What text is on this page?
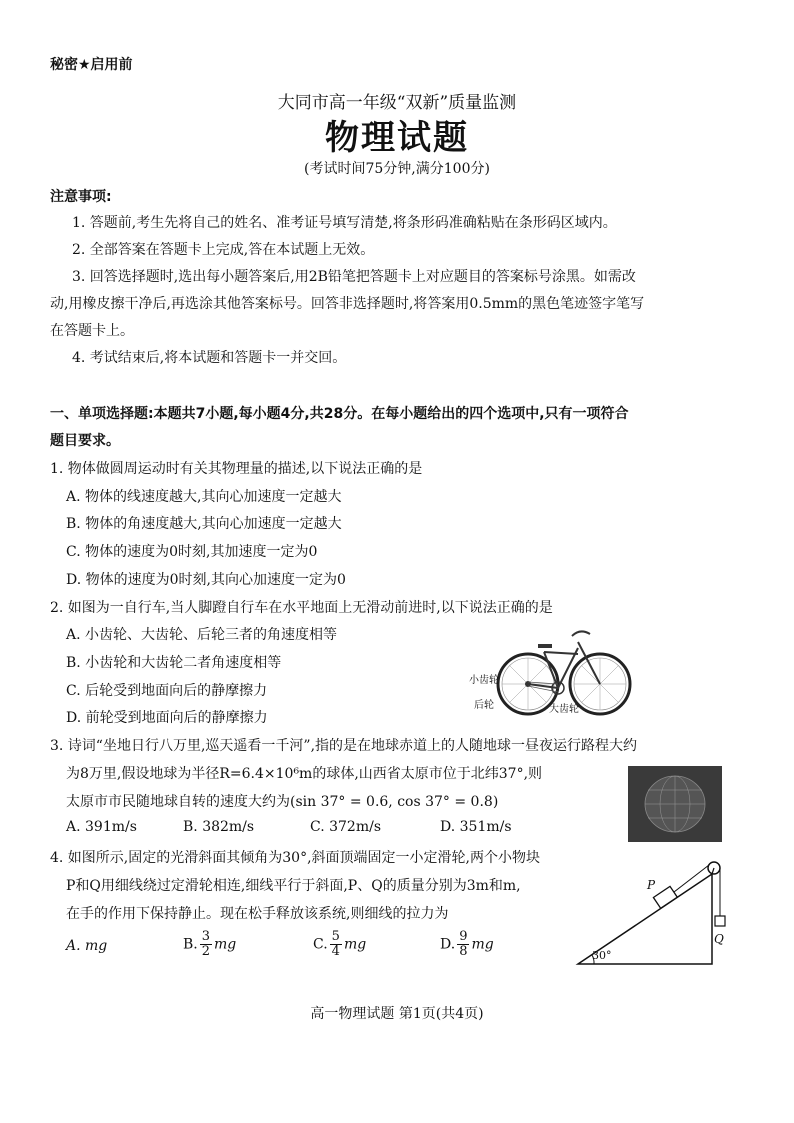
秘密★启用前
大同市高一年级“双新”质量监测
物理试题
(考试时间75分钟,满分100分)
注意事项:
1. 答题前,考生先将自己的姓名、准考证号填写清楚,将条形码准确粘贴在条形码区域内。
2. 全部答案在答题卡上完成,答在本试题上无效。
3. 回答选择题时,选出每小题答案后,用2B铅笔把答题卡上对应题目的答案标号涂黑。如需改
动,用橡皮擦干净后,再选涂其他答案标号。回答非选择题时,将答案用0.5mm的黑色笔迹签字笔写
在答题卡上。
4. 考试结束后,将本试题和答题卡一并交回。
一、单项选择题:本题共7小题,每小题4分,共28分。在每小题给出的四个选项中,只有一项符合
题目要求。
1. 物体做圆周运动时有关其物理量的描述,以下说法正确的是
A. 物体的线速度越大,其向心加速度一定越大
B. 物体的角速度越大,其向心加速度一定越大
C. 物体的速度为0时刻,其加速度一定为0
D. 物体的速度为0时刻,其向心加速度一定为0
2. 如图为一自行车,当人脚蹬自行车在水平地面上无滑动前进时,以下说法正确的是
A. 小齿轮、大齿轮、后轮三者的角速度相等
B. 小齿轮和大齿轮二者角速度相等
C. 后轮受到地面向后的静摩擦力
D. 前轮受到地面向后的静摩擦力
小齿轮
后轮	大齿轮
3. 诗词“坐地日行八万里,巡天遥看一千河”,指的是在地球赤道上的人随地球一昼夜运行路程大约
为8万里,假设地球为半径R=6.4×10⁶m的球体,山西省太原市位于北纬37°,则
太原市市民随地球自转的速度大约为(sin 37° = 0.6, cos 37° = 0.8)
A. 391m/s	B. 382m/s	C. 372m/s	D. 351m/s
4. 如图所示,固定的光滑斜面其倾角为30°,斜面顶端固定一小定滑轮,两个小物块
P和Q用细线绕过定滑轮相连,细线平行于斜面,P、Q的质量分别为3m和m,
在手的作用下保持静止。现在松手释放该系统,则细线的拉力为
A. mg	B. $\frac{3}{2}$ mg	C. $\frac{5}{4}$ mg	D. $\frac{9}{8}$ mg
P
Q
30°
高一物理试题 第1页(共4页)
